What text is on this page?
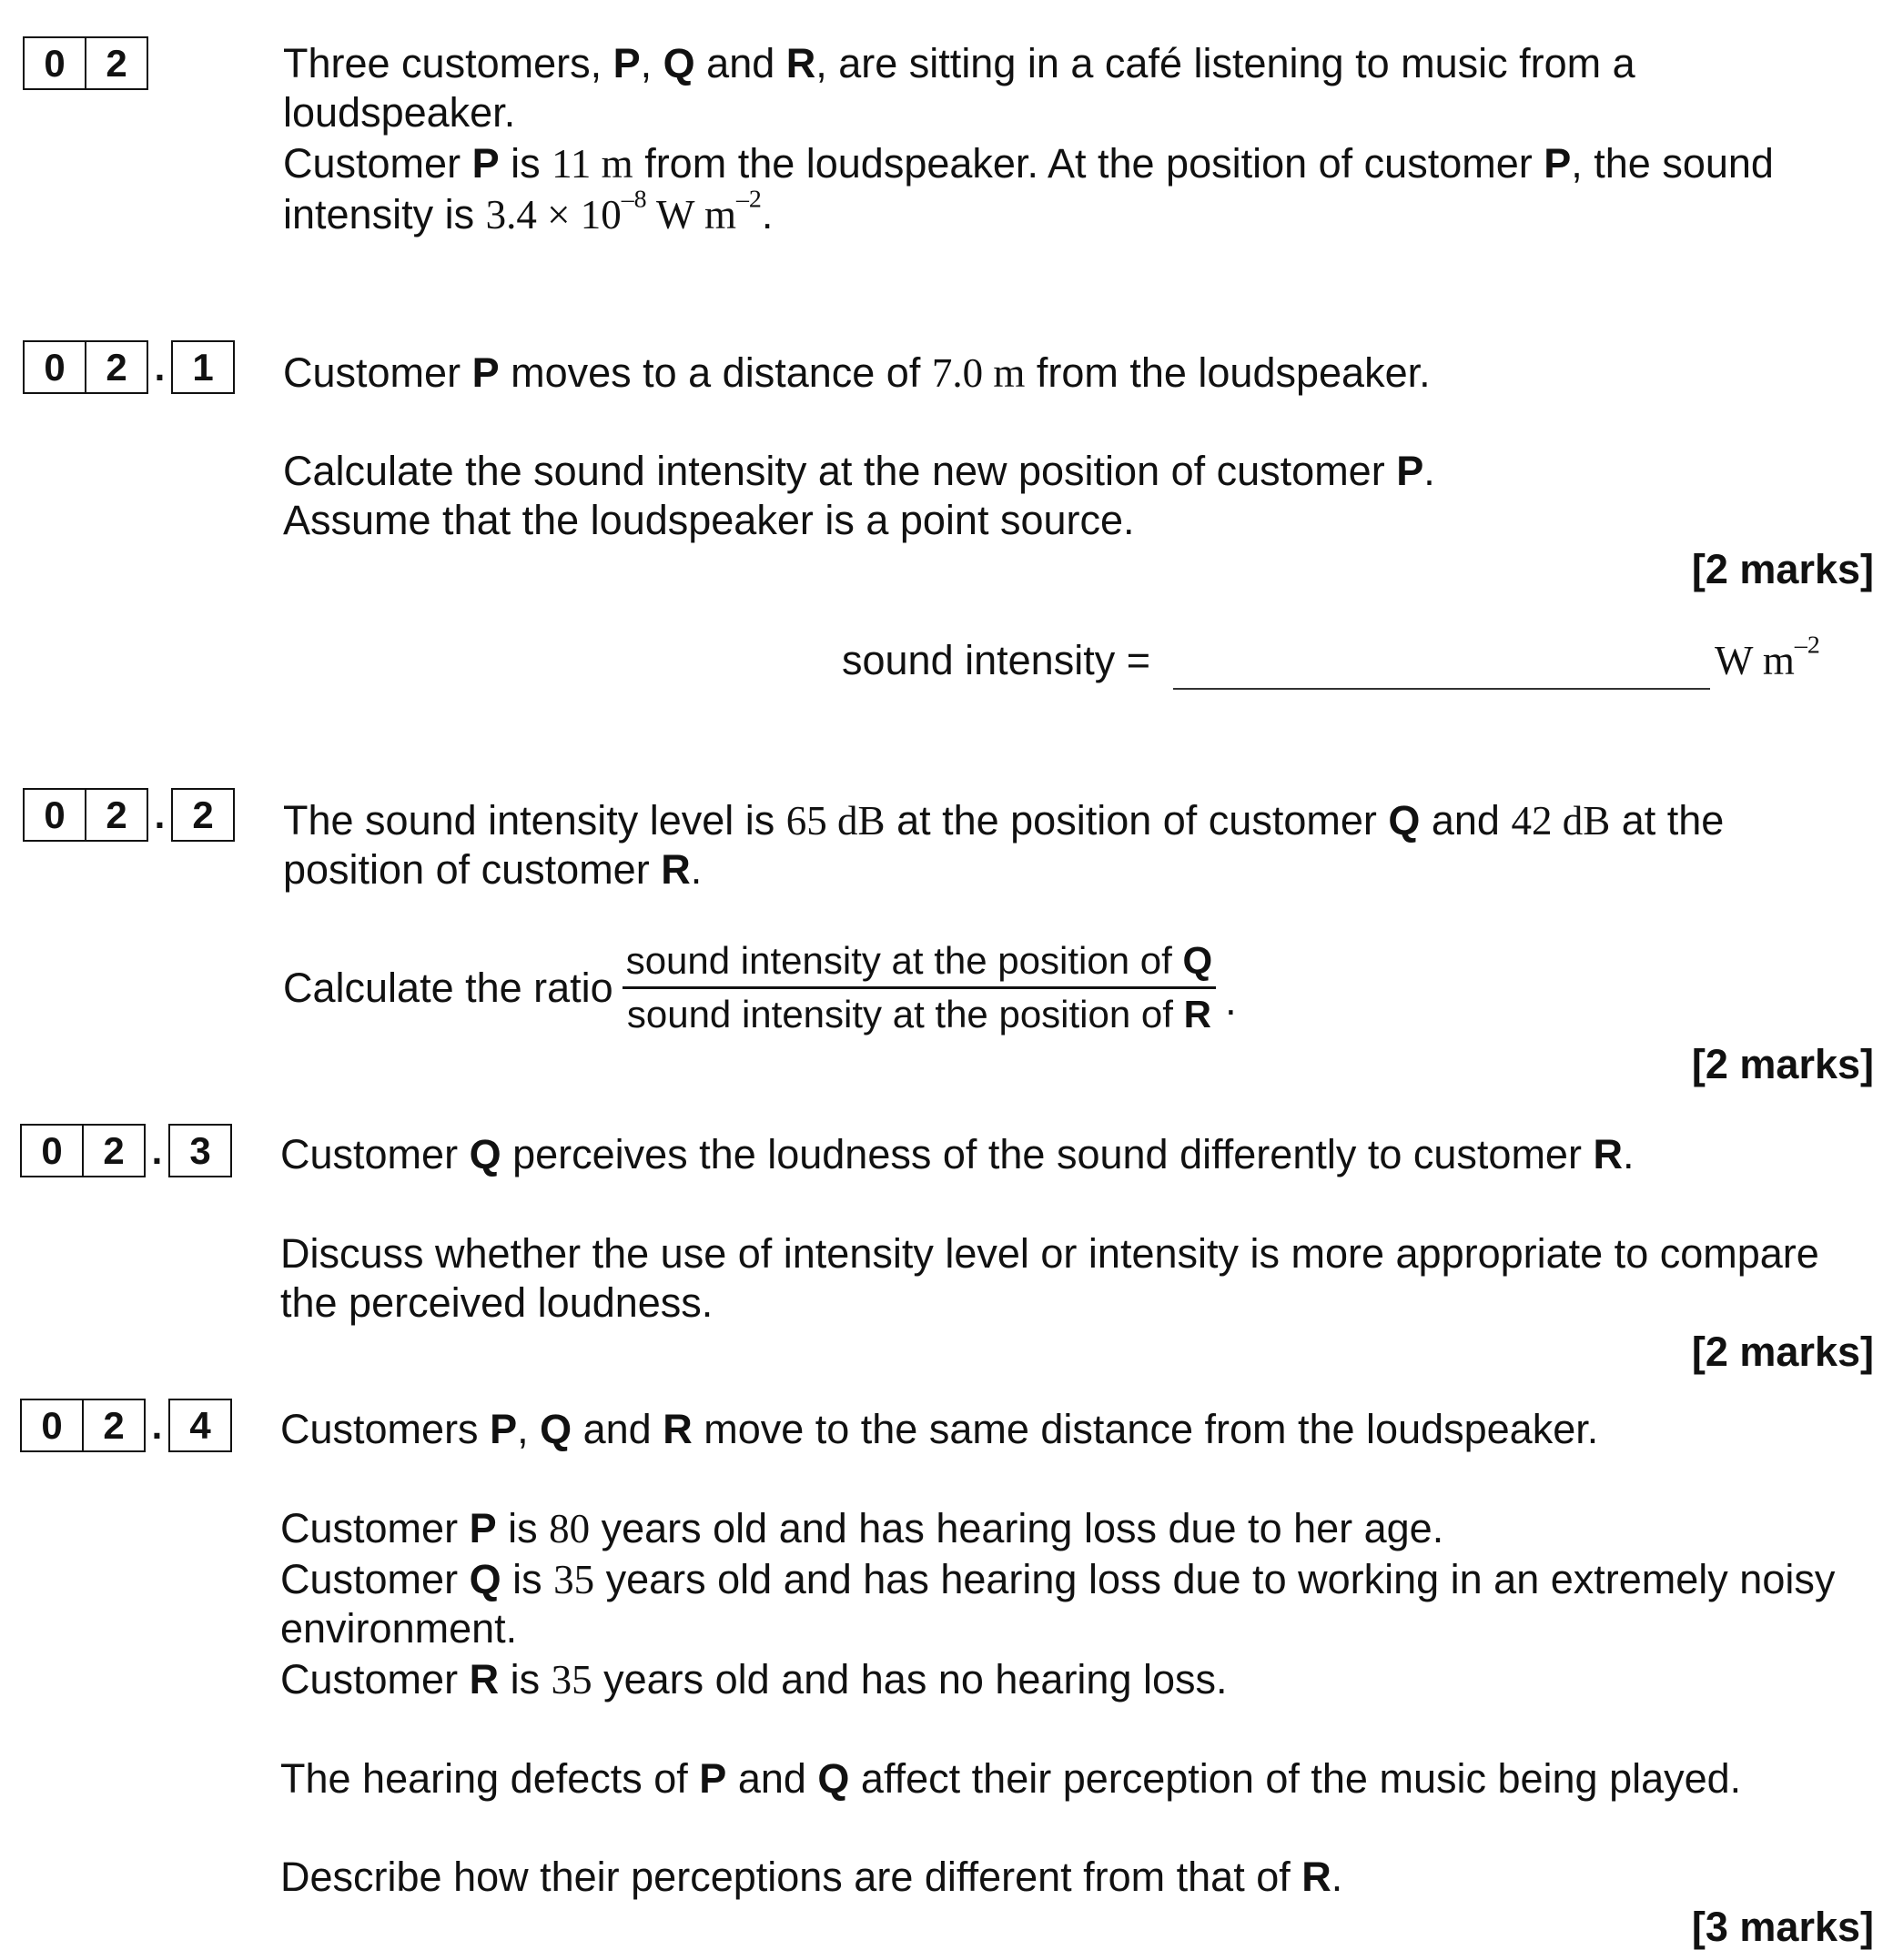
0	2	Three customers, P, Q and R, are sitting in a café listening to music from a
loudspeaker.
Customer P is 11 m from the loudspeaker. At the position of customer P, the sound
intensity is $3.4 \times 10^{-8}$ W $m^{-2}$.
0	2 . 1	Customer P moves to a distance of 7.0 m from the loudspeaker.
Calculate the sound intensity at the new position of customer P.
Assume that the loudspeaker is a point source.
[2 marks]
sound intensity =	W $m^{-2}$
0	2 . 2	The sound intensity level is 65 dB at the position of customer Q and 42 dB at the
position of customer R.
Calculate the ratio $\frac{\text{sound intensity at the position of Q}}{\text{sound intensity at the position of R}}$ .
[2 marks]
0	2 . 3	Customer Q perceives the loudness of the sound differently to customer R.
Discuss whether the use of intensity level or intensity is more appropriate to compare
the perceived loudness.
[2 marks]
0	2 . 4	Customers P, Q and R move to the same distance from the loudspeaker.
Customer P is 80 years old and has hearing loss due to her age.
Customer Q is 35 years old and has hearing loss due to working in an extremely noisy
environment.
Customer R is 35 years old and has no hearing loss.
The hearing defects of P and Q affect their perception of the music being played.
Describe how their perceptions are different from that of R.
[3 marks]
